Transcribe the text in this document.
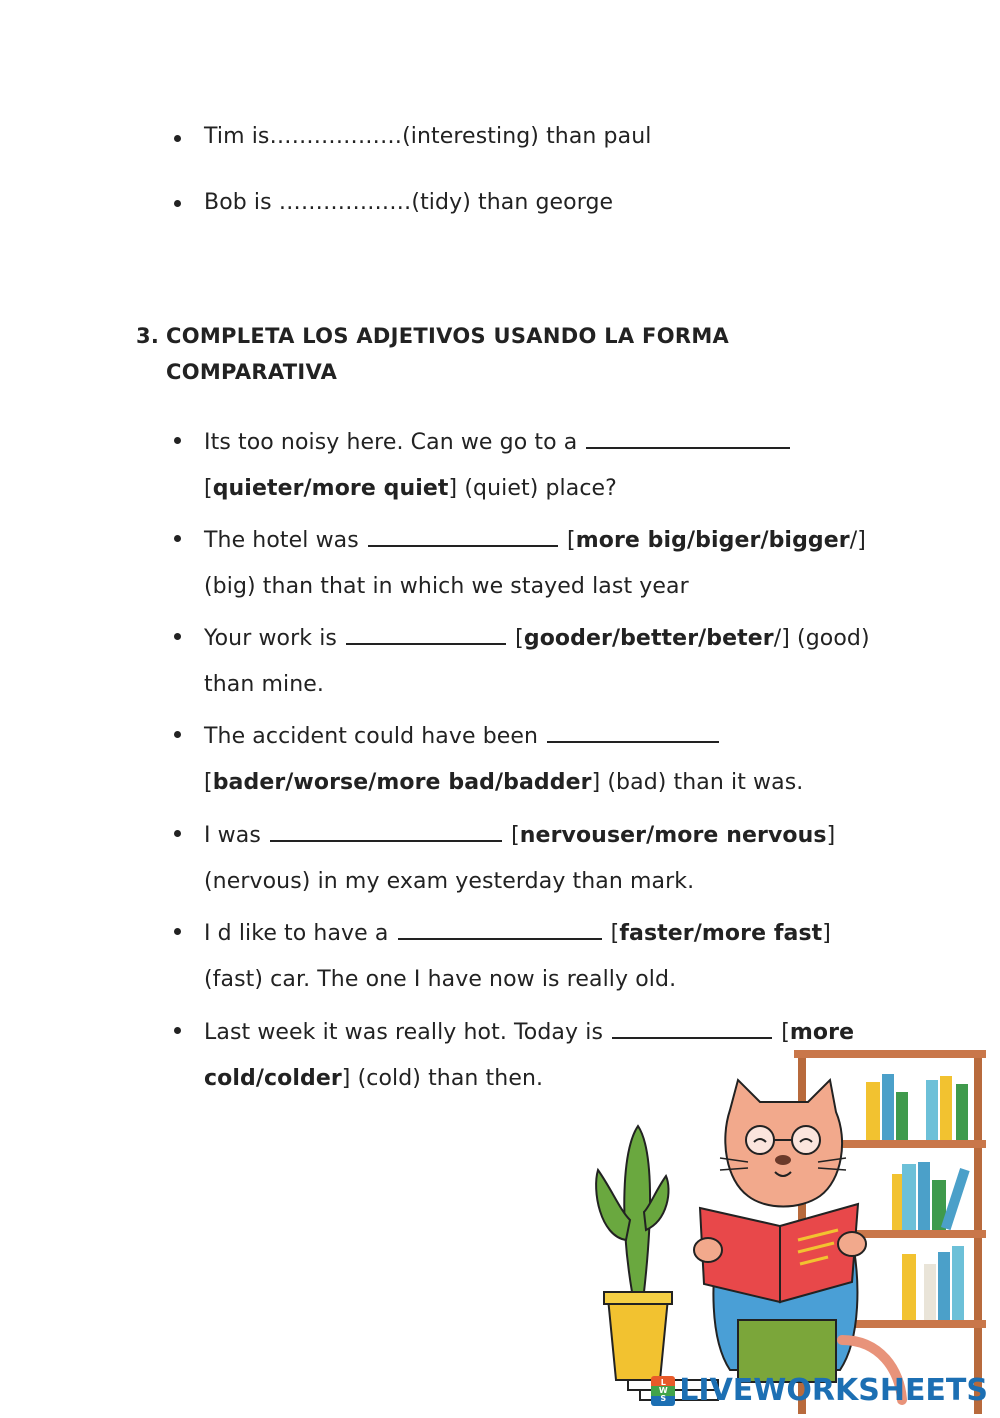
Tim is………………(interesting) than paul
Bob is ………………(tidy) than george
3. COMPLETA LOS ADJETIVOS USANDO LA FORMA
COMPARATIVA
Its too noisy here. Can we go to a
[quieter/more quiet] (quiet) place?
The hotel was	[more big/biger/bigger/]
(big) than that in which we stayed last year
Your work is	[gooder/better/beter/] (good)
than mine.
The accident could have been
[bader/worse/more bad/badder] (bad) than it was.
I was	[nervouser/more nervous]
(nervous) in my exam yesterday than mark.
I d like to have a	[faster/more fast]
(fast) car. The one I have now is really old.
Last week it was really hot. Today is	[more
cold/colder] (cold) than then.
L
W
S LIVEWORKSHEETS
